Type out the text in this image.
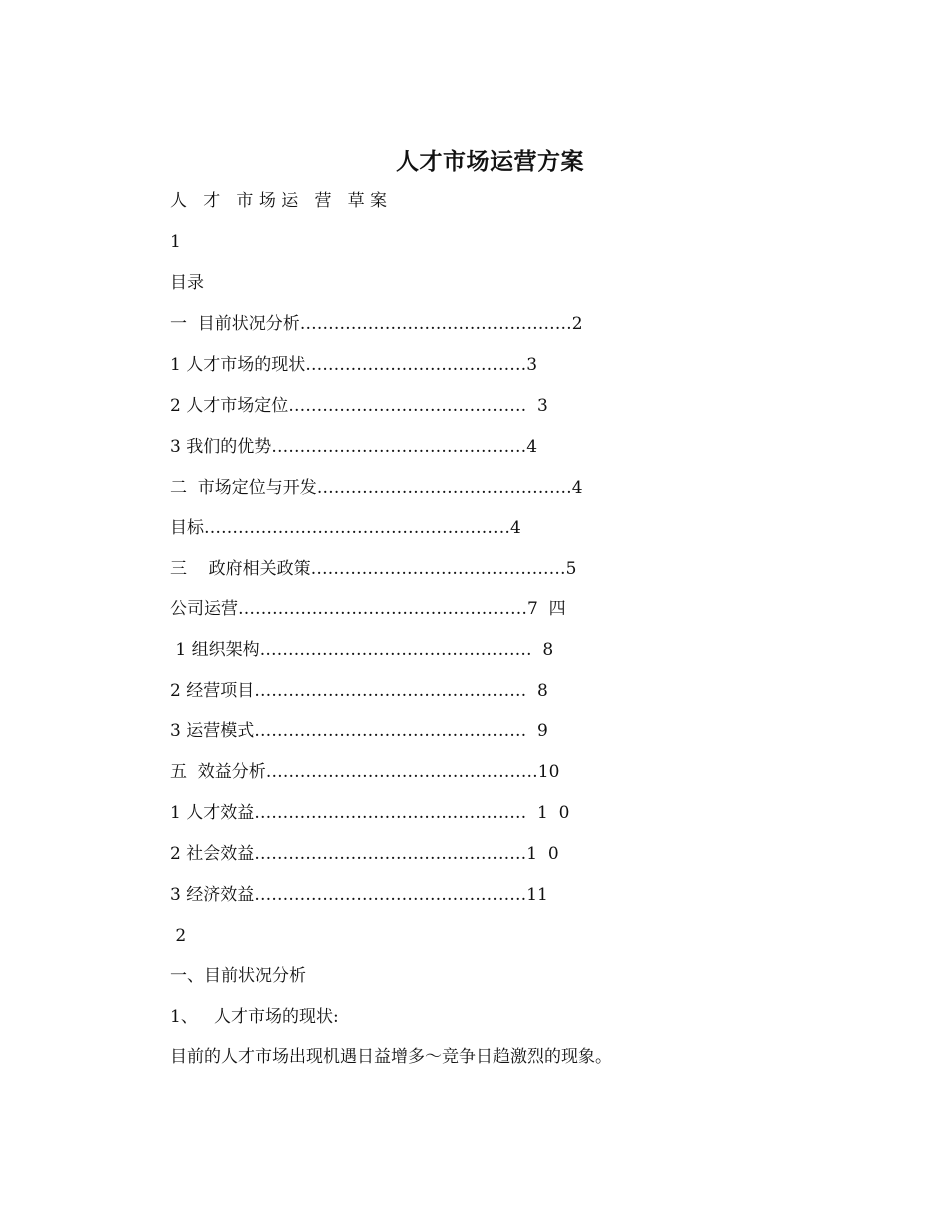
人才市场运营方案
人   才   市 场 运   营   草 案
1
目录
一  目前状况分析…………………………………………2
1 人才市场的现状…………………………………3
2 人才市场定位……………………………………  3
3 我们的优势………………………………………4
二  市场定位与开发………………………………………4
目标………………………………………………4
三    政府相关政策………………………………………5
公司运营……………………………………………7  四
1 组织架构…………………………………………  8
2 经营项目…………………………………………  8
3 运营模式…………………………………………  9
五  效益分析…………………………………………10
1 人才效益…………………………………………  1  0
2 社会效益…………………………………………1  0
3 经济效益…………………………………………11
2
一、目前状况分析
1、   人才市场的现状:
目前的人才市场出现机遇日益增多～竞争日趋激烈的现象。
